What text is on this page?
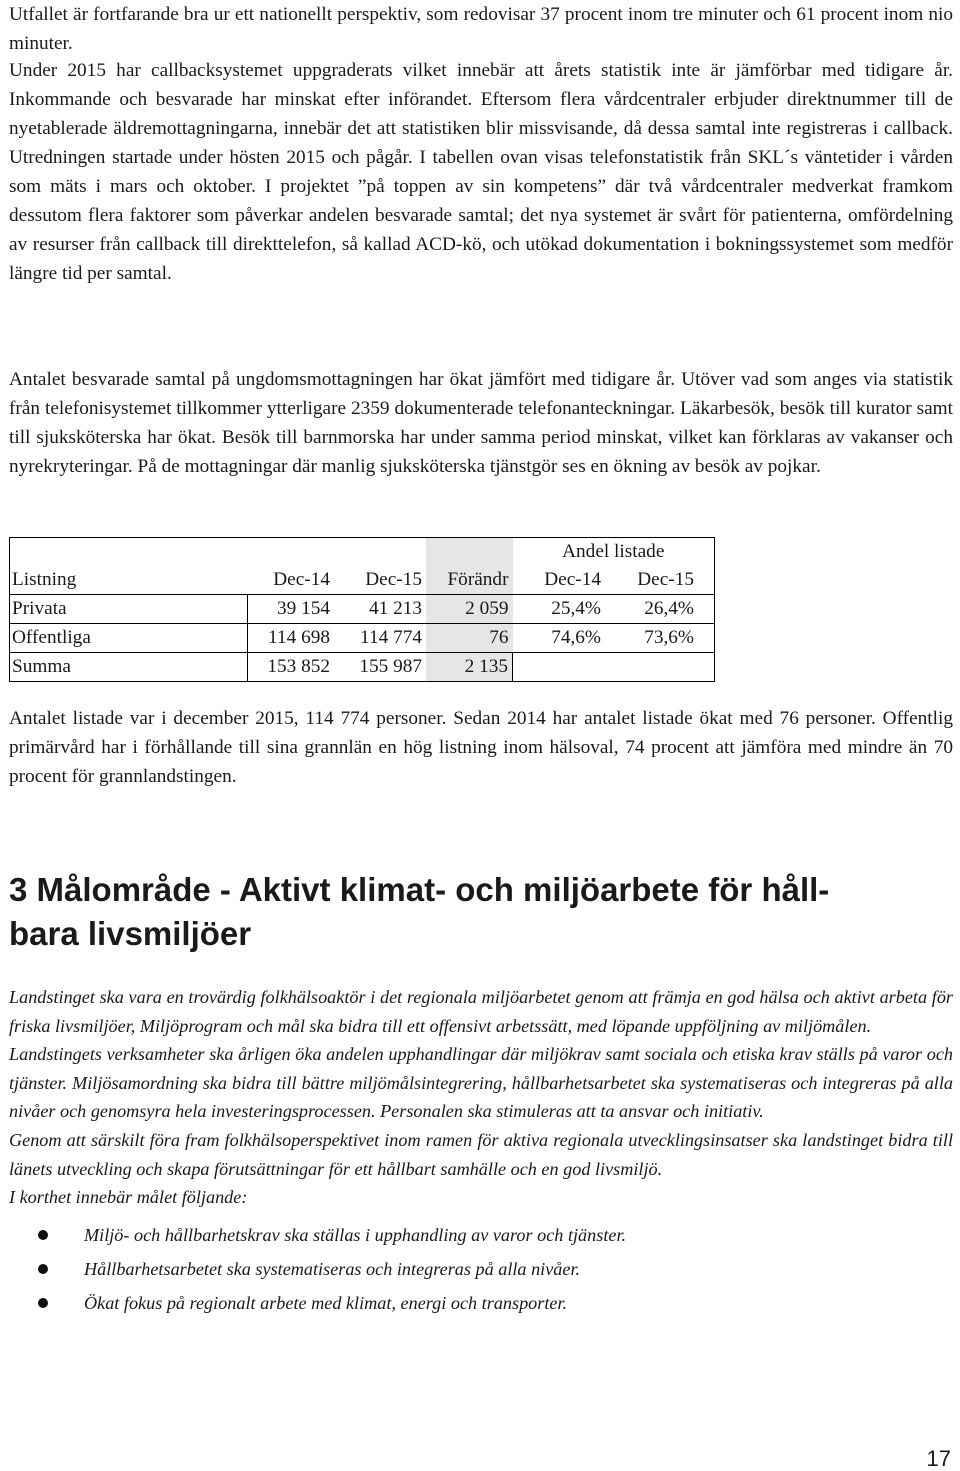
Utfallet är fortfarande bra ur ett nationellt perspektiv, som redovisar 37 procent inom tre minuter och 61 procent inom nio minuter.

Under 2015 har callbacksystemet uppgraderats vilket innebär att årets statistik inte är jämförbar med tidigare år. Inkommande och besvarade har minskat efter införandet. Eftersom flera vårdcentraler erbjuder direktnummer till de nyetablerade äldremottagningarna, innebär det att statistiken blir missvisande, då dessa samtal inte registreras i callback. Utredningen startade under hösten 2015 och pågår. I tabellen ovan visas telefonstatistik från SKL´s väntetider i vården som mäts i mars och oktober. I projektet ”på toppen av sin kompetens” där två vårdcentraler medverkat framkom dessutom flera faktorer som påverkar andelen besvarade samtal; det nya systemet är svårt för patienterna, omfördelning av resurser från callback till direkttelefon, så kallad ACD-kö, och utökad dokumentation i bokningssystemet som medför längre tid per samtal.

Antalet besvarade samtal på ungdomsmottagningen har ökat jämfört med tidigare år. Utöver vad som anges via statistik från telefonisystemet tillkommer ytterligare 2359 dokumenterade telefonanteckningar. Läkarbesök, besök till kurator samt till sjuksköterska har ökat. Besök till barnmorska har under samma period minskat, vilket kan förklaras av vakanser och nyrekryteringar. På de mottagningar där manlig sjuksköterska tjänstgör ses en ökning av besök av pojkar.

				Andel listade	
Listning	Dec-14	Dec-15	Förändr	Dec-14	Dec-15
Privata	39 154	41 213	2 059	25,4%	26,4%
Offentliga	114 698	114 774	76	74,6%	73,6%
Summa	153 852	155 987	2 135		

Antalet listade var i december 2015, 114 774 personer. Sedan 2014 har antalet listade ökat med 76 personer. Offentlig primärvård har i förhållande till sina grannlän en hög listning inom hälsoval, 74 procent att jämföra med mindre än 70 procent för grannlandstingen.

3 Målområde - Aktivt klimat- och miljöarbete för håll-
bara livsmiljöer

Landstinget ska vara en trovärdig folkhälsoaktör i det regionala miljöarbetet genom att främja en god hälsa och aktivt arbeta för friska livsmiljöer, Miljöprogram och mål ska bidra till ett offensivt arbetssätt, med löpande uppföljning av miljömålen.

Landstingets verksamheter ska årligen öka andelen upphandlingar där miljökrav samt sociala och etiska krav ställs på varor och tjänster. Miljösamordning ska bidra till bättre miljömålsintegrering, hållbarhetsarbetet ska systematiseras och integreras på alla nivåer och genomsyra hela investeringsprocessen. Personalen ska stimuleras att ta ansvar och initiativ.

Genom att särskilt föra fram folkhälsoperspektivet inom ramen för aktiva regionala utvecklingsinsatser ska landstinget bidra till länets utveckling och skapa förutsättningar för ett hållbart samhälle och en god livsmiljö.

I korthet innebär målet följande:

Miljö- och hållbarhetskrav ska ställas i upphandling av varor och tjänster.
Hållbarhetsarbetet ska systematiseras och integreras på alla nivåer.
Ökat fokus på regionalt arbete med klimat, energi och transporter.
17
